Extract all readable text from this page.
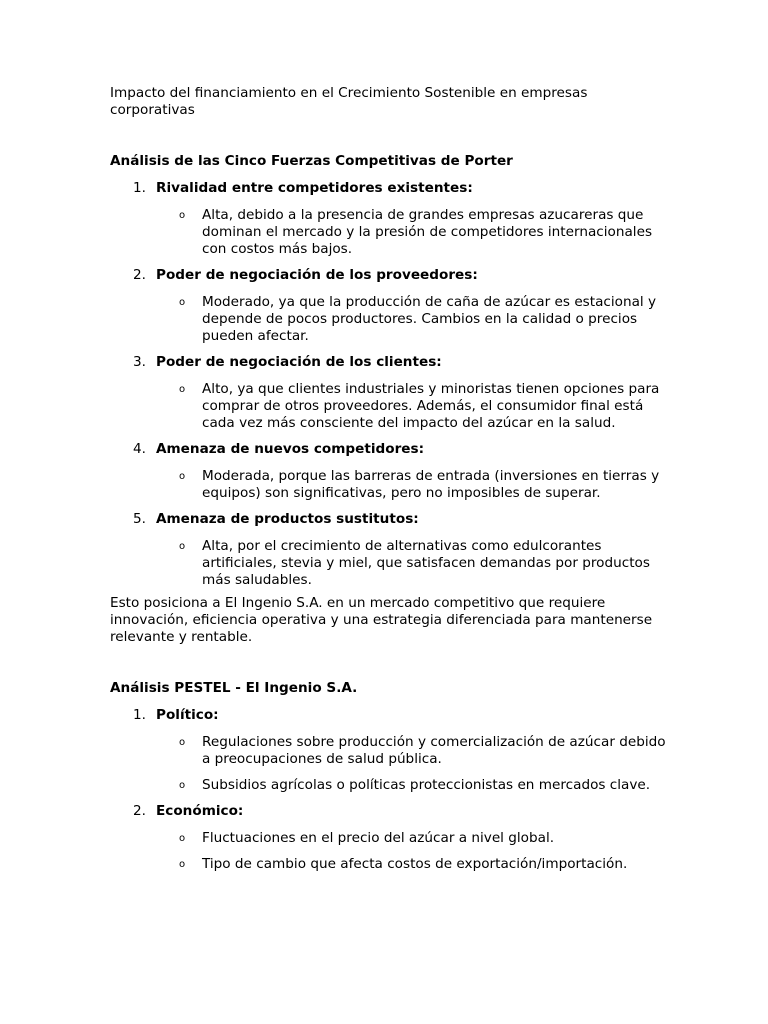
Impacto del financiamiento en el Crecimiento Sostenible en empresas corporativas

Análisis de las Cinco Fuerzas Competitivas de Porter
1. Rivalidad entre competidores existentes:
o Alta, debido a la presencia de grandes empresas azucareras que dominan el mercado y la presión de competidores internacionales con costos más bajos.
2. Poder de negociación de los proveedores:
o Moderado, ya que la producción de caña de azúcar es estacional y depende de pocos productores. Cambios en la calidad o precios pueden afectar.
3. Poder de negociación de los clientes:
o Alto, ya que clientes industriales y minoristas tienen opciones para comprar de otros proveedores. Además, el consumidor final está cada vez más consciente del impacto del azúcar en la salud.
4. Amenaza de nuevos competidores:
o Moderada, porque las barreras de entrada (inversiones en tierras y equipos) son significativas, pero no imposibles de superar.
5. Amenaza de productos sustitutos:
o Alta, por el crecimiento de alternativas como edulcorantes artificiales, stevia y miel, que satisfacen demandas por productos más saludables.

Esto posiciona a El Ingenio S.A. en un mercado competitivo que requiere innovación, eficiencia operativa y una estrategia diferenciada para mantenerse relevante y rentable.

Análisis PESTEL - El Ingenio S.A.
1. Político:
o Regulaciones sobre producción y comercialización de azúcar debido a preocupaciones de salud pública.
o Subsidios agrícolas o políticas proteccionistas en mercados clave.
2. Económico:
o Fluctuaciones en el precio del azúcar a nivel global.
o Tipo de cambio que afecta costos de exportación/importación.
